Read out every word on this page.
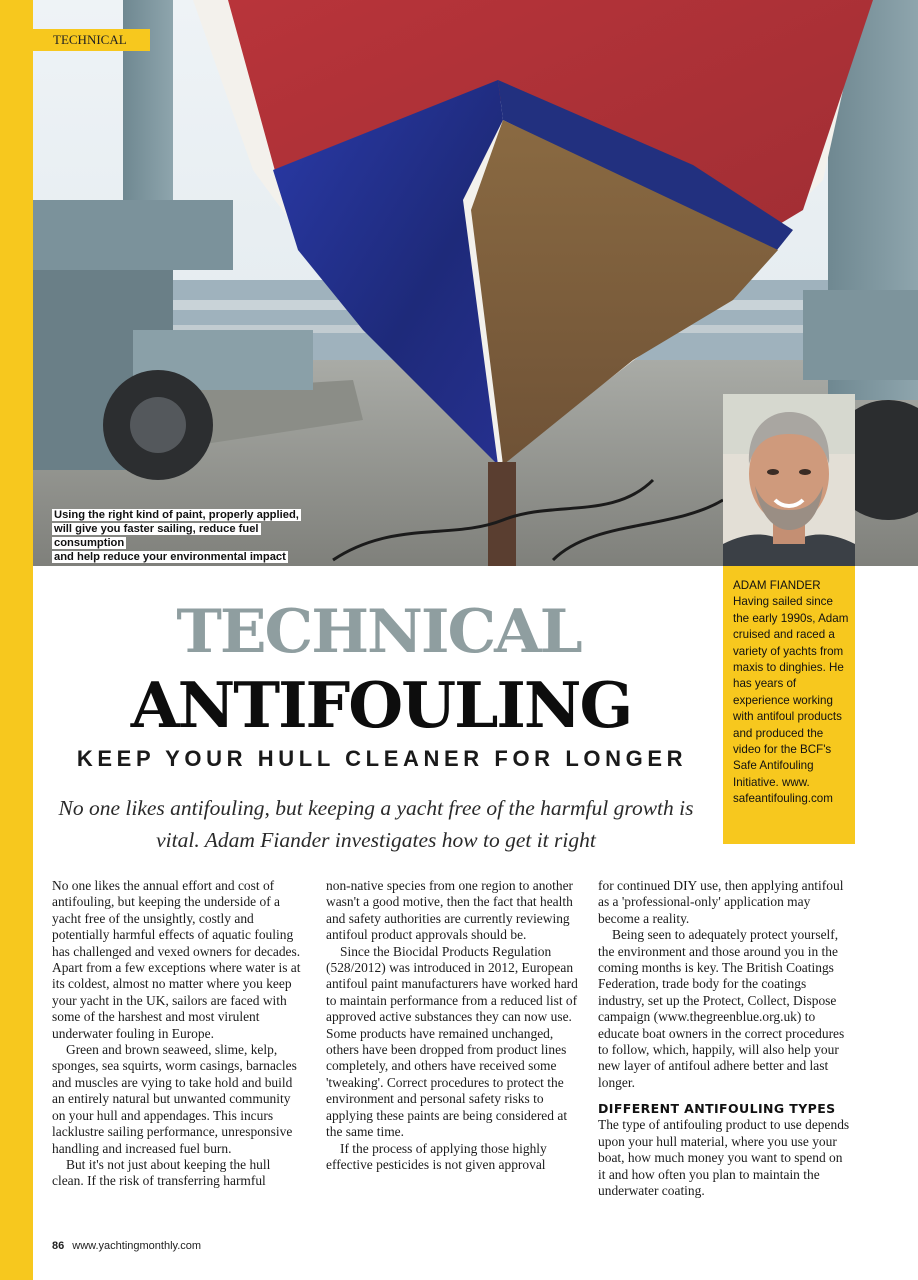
TECHNICAL
Using the right kind of paint, properly applied,
will give you faster sailing, reduce fuel consumption
and help reduce your environmental impact
ADAM FIANDER
Having sailed since the early 1990s, Adam cruised and raced a variety of yachts from maxis to dinghies. He has years of experience working with antifoul products and produced the video for the BCF's Safe Antifouling Initiative. www. safeantifouling.com
TECHNICAL
ANTIFOULING
KEEP YOUR HULL CLEANER FOR LONGER
No one likes antifouling, but keeping a yacht free of the harmful growth is vital. Adam Fiander investigates how to get it right

No one likes the annual effort and cost of antifouling, but keeping the underside of a yacht free of the unsightly, costly and potentially harmful effects of aquatic fouling has challenged and vexed owners for decades. Apart from a few exceptions where water is at its coldest, almost no matter where you keep your yacht in the UK, sailors are faced with some of the harshest and most virulent underwater fouling in Europe.

Green and brown seaweed, slime, kelp, sponges, sea squirts, worm casings, barnacles and muscles are vying to take hold and build an entirely natural but unwanted community on your hull and appendages. This incurs lacklustre sailing performance, unresponsive handling and increased fuel burn.

But it's not just about keeping the hull clean. If the risk of transferring harmful

non-native species from one region to another wasn't a good motive, then the fact that health and safety authorities are currently reviewing antifoul product approvals should be.

Since the Biocidal Products Regulation (528/2012) was introduced in 2012, European antifoul paint manufacturers have worked hard to maintain performance from a reduced list of approved active substances they can now use. Some products have remained unchanged, others have been dropped from product lines completely, and others have received some 'tweaking'. Correct procedures to protect the environment and personal safety risks to applying these paints are being considered at the same time.

If the process of applying those highly effective pesticides is not given approval

for continued DIY use, then applying antifoul as a 'professional-only' application may become a reality.

Being seen to adequately protect yourself, the environment and those around you in the coming months is key. The British Coatings Federation, trade body for the coatings industry, set up the Protect, Collect, Dispose campaign (www.thegreenblue.org.uk) to educate boat owners in the correct procedures to follow, which, happily, will also help your new layer of antifoul adhere better and last longer.

DIFFERENT ANTIFOULING TYPES

The type of antifouling product to use depends upon your hull material, where you use your boat, how much money you want to spend on it and how often you plan to maintain the underwater coating.

86 www.yachtingmonthly.com
